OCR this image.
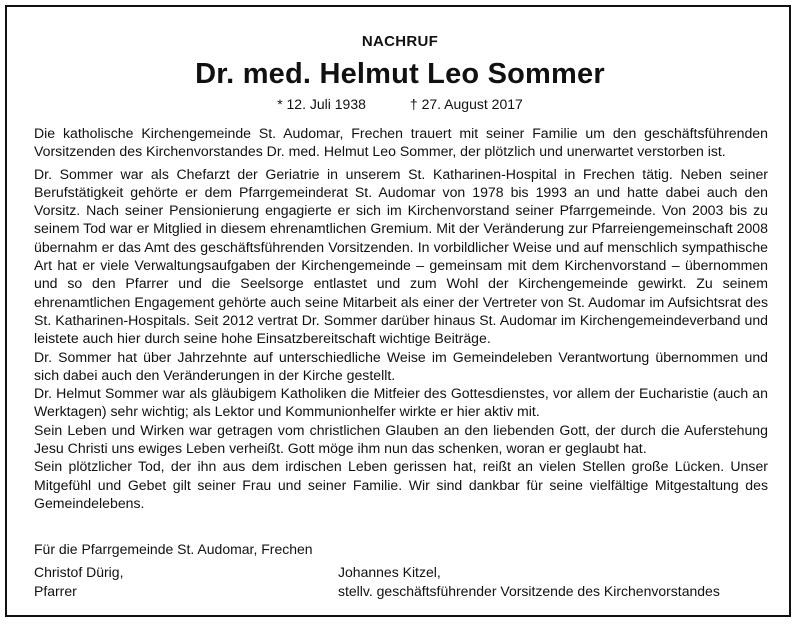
NACHRUF
Dr. med. Helmut Leo Sommer
* 12. Juli 1938	† 27. August 2017

Die katholische Kirchengemeinde St. Audomar, Frechen trauert mit seiner Familie um den geschäftsführenden Vorsitzenden des Kirchenvorstandes Dr. med. Helmut Leo Sommer, der plötzlich und unerwartet verstorben ist.

Dr. Sommer war als Chefarzt der Geriatrie in unserem St. Katharinen-Hospital in Frechen tätig. Neben seiner Berufstätigkeit gehörte er dem Pfarrgemeinderat St. Audomar von 1978 bis 1993 an und hatte dabei auch den Vorsitz. Nach seiner Pensionierung engagierte er sich im Kirchenvorstand seiner Pfarrgemeinde. Von 2003 bis zu seinem Tod war er Mitglied in diesem ehrenamtlichen Gremium. Mit der Veränderung zur Pfarreiengemeinschaft 2008 übernahm er das Amt des geschäftsführenden Vorsitzenden. In vorbildlicher Weise und auf menschlich sympathische Art hat er viele Verwaltungsaufgaben der Kirchengemeinde – gemeinsam mit dem Kirchenvorstand – übernommen und so den Pfarrer und die Seelsorge entlastet und zum Wohl der Kirchengemeinde gewirkt. Zu seinem ehrenamtlichen Engagement gehörte auch seine Mitarbeit als einer der Vertreter von St. Audomar im Aufsichtsrat des St. Katharinen-Hospitals. Seit 2012 vertrat Dr. Sommer darüber hinaus St. Audomar im Kirchengemeindeverband und leistete auch hier durch seine hohe Einsatzbereitschaft wichtige Beiträge.

Dr. Sommer hat über Jahrzehnte auf unterschiedliche Weise im Gemeindeleben Verantwortung übernommen und sich dabei auch den Veränderungen in der Kirche gestellt.

Dr. Helmut Sommer war als gläubigem Katholiken die Mitfeier des Gottesdienstes, vor allem der Eucharistie (auch an Werktagen) sehr wichtig; als Lektor und Kommunionhelfer wirkte er hier aktiv mit.

Sein Leben und Wirken war getragen vom christlichen Glauben an den liebenden Gott, der durch die Auferstehung Jesu Christi uns ewiges Leben verheißt. Gott möge ihm nun das schenken, woran er geglaubt hat.

Sein plötzlicher Tod, der ihn aus dem irdischen Leben gerissen hat, reißt an vielen Stellen große Lücken. Unser Mitgefühl und Gebet gilt seiner Frau und seiner Familie. Wir sind dankbar für seine vielfältige Mitgestaltung des Gemeindelebens.

Für die Pfarrgemeinde St. Audomar, Frechen
Christof Dürig,
Pfarrer
Johannes Kitzel,
stellv. geschäftsführender Vorsitzende des Kirchenvorstandes
